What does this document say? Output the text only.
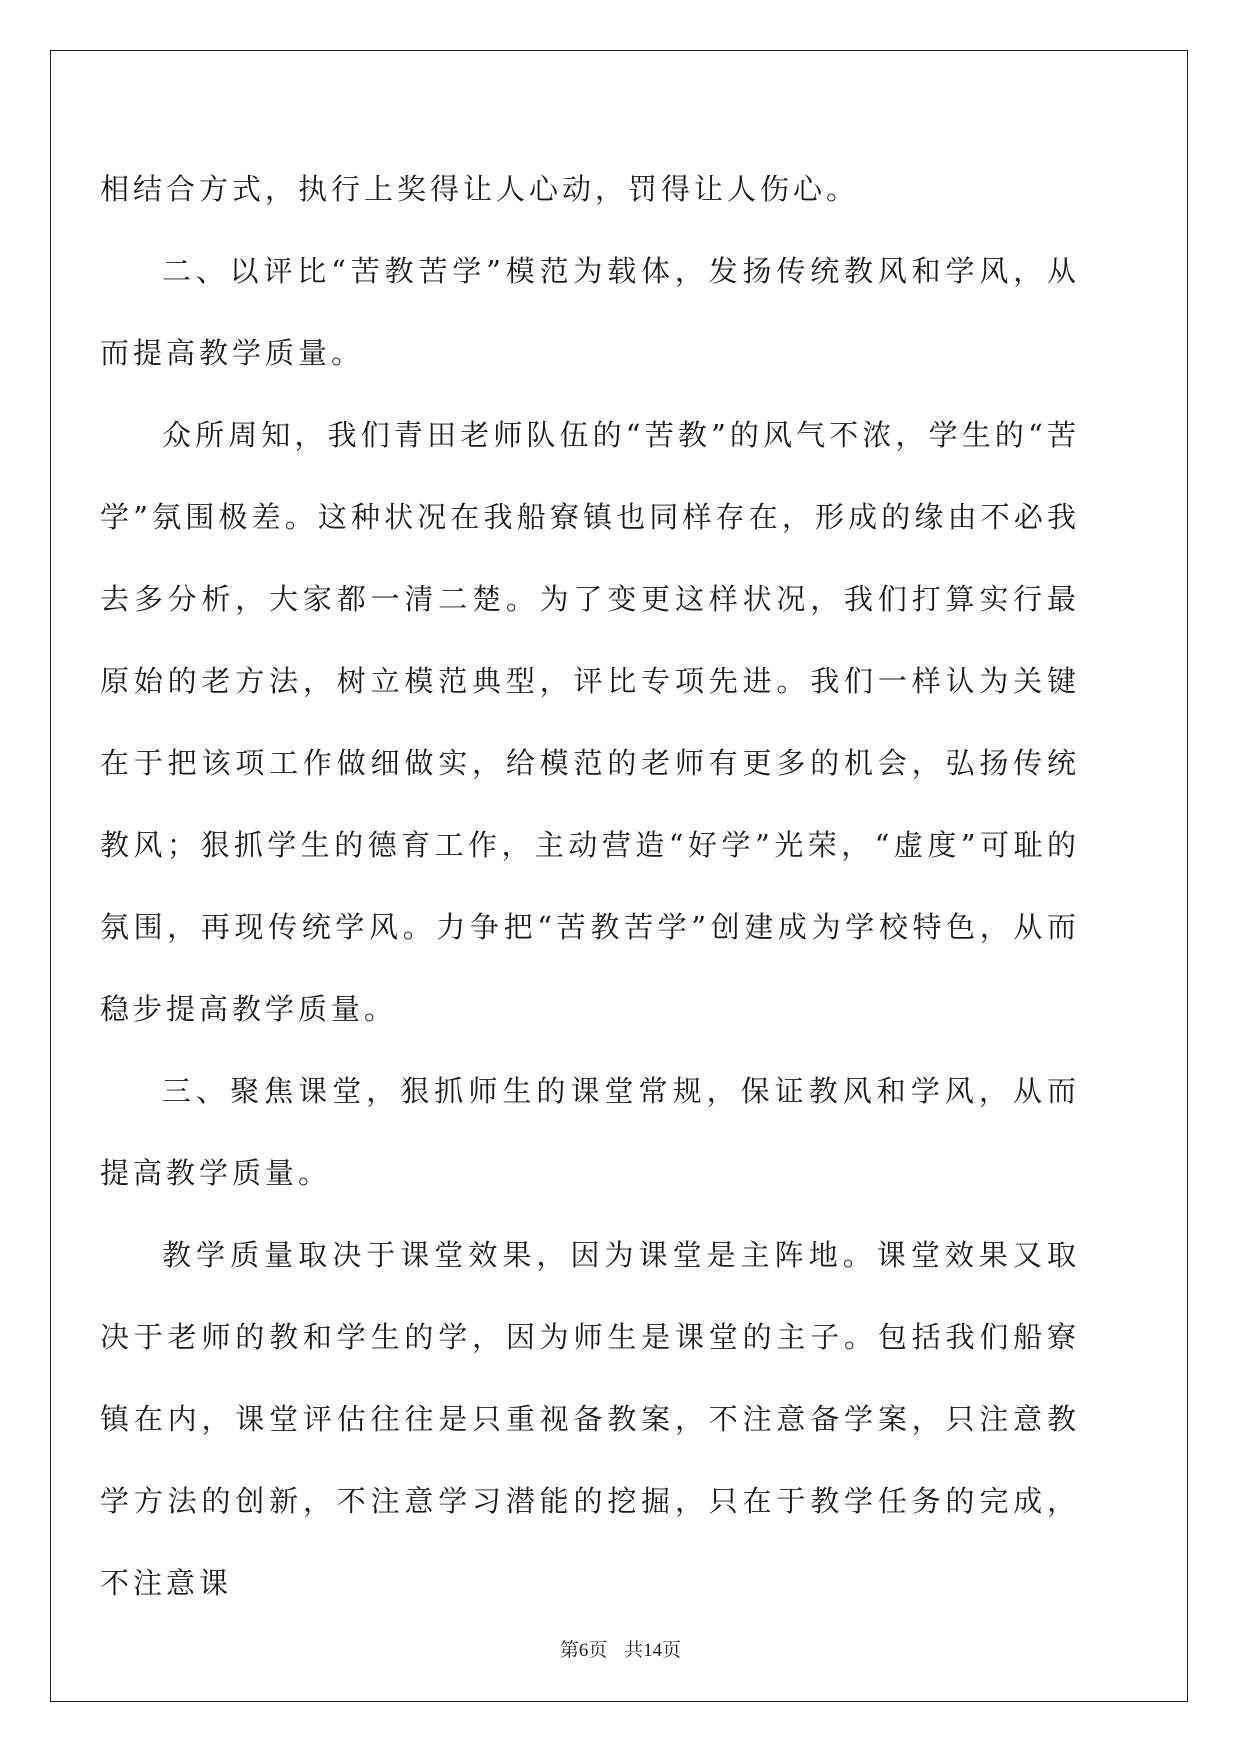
相结合方式，执行上奖得让人心动，罚得让人伤心。

二、以评比“苦教苦学”模范为载体，发扬传统教风和学风，从而提高教学质量。

众所周知，我们青田老师队伍的“苦教”的风气不浓，学生的“苦学”氛围极差。这种状况在我船寮镇也同样存在，形成的缘由不必我去多分析，大家都一清二楚。为了变更这样状况，我们打算实行最原始的老方法，树立模范典型，评比专项先进。我们一样认为关键在于把该项工作做细做实，给模范的老师有更多的机会，弘扬传统教风；狠抓学生的德育工作，主动营造“好学”光荣，“虚度”可耻的氛围，再现传统学风。力争把“苦教苦学”创建成为学校特色，从而稳步提高教学质量。

三、聚焦课堂，狠抓师生的课堂常规，保证教风和学风，从而提高教学质量。

教学质量取决于课堂效果，因为课堂是主阵地。课堂效果又取决于老师的教和学生的学，因为师生是课堂的主子。包括我们船寮镇在内，课堂评估往往是只重视备教案，不注意备学案，只注意教学方法的创新，不注意学习潜能的挖掘，只在于教学任务的完成，不注意课

第6页 共14页
